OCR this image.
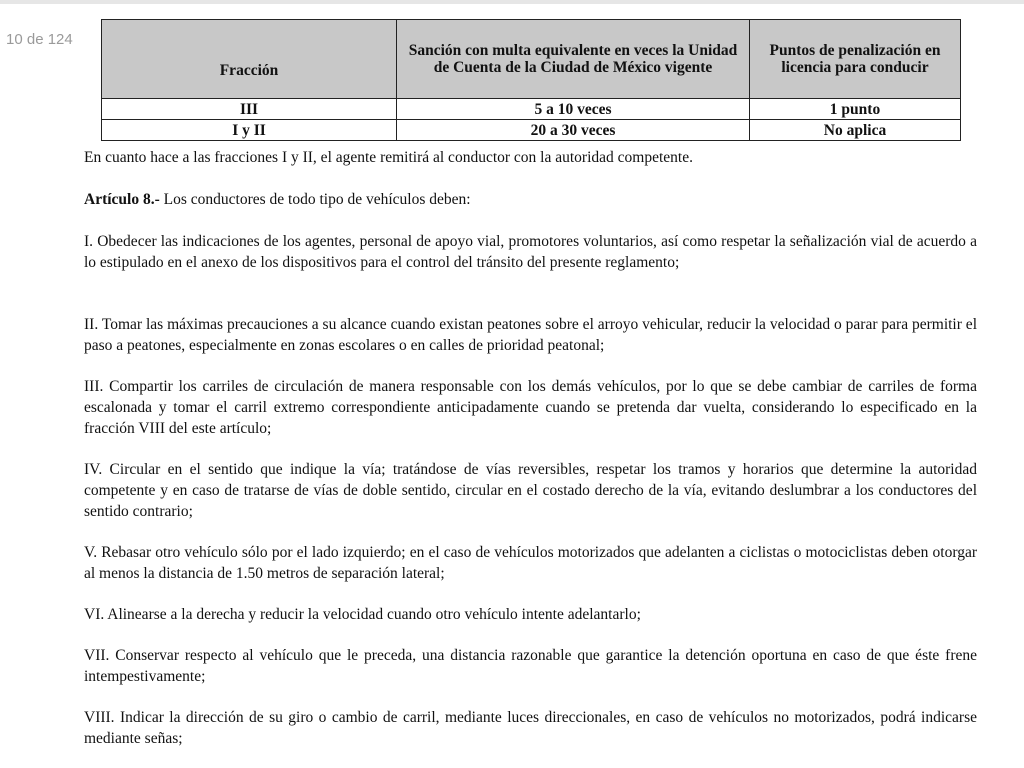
10 de 124
Fracción	Sanción con multa equivalente en veces la Unidad de Cuenta de la Ciudad de México vigente	Puntos de penalización en licencia para conducir
III	5 a 10 veces	1 punto
I y II	20 a 30 veces	No aplica

En cuanto hace a las fracciones I y II, el agente remitirá al conductor con la autoridad competente.

Artículo 8.- Los conductores de todo tipo de vehículos deben:

I. Obedecer las indicaciones de los agentes, personal de apoyo vial, promotores voluntarios, así como respetar la señalización vial de acuerdo a lo estipulado en el anexo de los dispositivos para el control del tránsito del presente reglamento;

II. Tomar las máximas precauciones a su alcance cuando existan peatones sobre el arroyo vehicular, reducir la velocidad o parar para permitir el paso a peatones, especialmente en zonas escolares o en calles de prioridad peatonal;

III. Compartir los carriles de circulación de manera responsable con los demás vehículos, por lo que se debe cambiar de carriles de forma escalonada y tomar el carril extremo correspondiente anticipadamente cuando se pretenda dar vuelta, considerando lo especificado en la fracción VIII del este artículo;

IV. Circular en el sentido que indique la vía; tratándose de vías reversibles, respetar los tramos y horarios que determine la autoridad competente y en caso de tratarse de vías de doble sentido, circular en el costado derecho de la vía, evitando deslumbrar a los conductores del sentido contrario;

V. Rebasar otro vehículo sólo por el lado izquierdo; en el caso de vehículos motorizados que adelanten a ciclistas o motociclistas deben otorgar al menos la distancia de 1.50 metros de separación lateral;

VI. Alinearse a la derecha y reducir la velocidad cuando otro vehículo intente adelantarlo;

VII. Conservar respecto al vehículo que le preceda, una distancia razonable que garantice la detención oportuna en caso de que éste frene intempestivamente;

VIII. Indicar la dirección de su giro o cambio de carril, mediante luces direccionales, en caso de vehículos no motorizados, podrá indicarse mediante señas;
